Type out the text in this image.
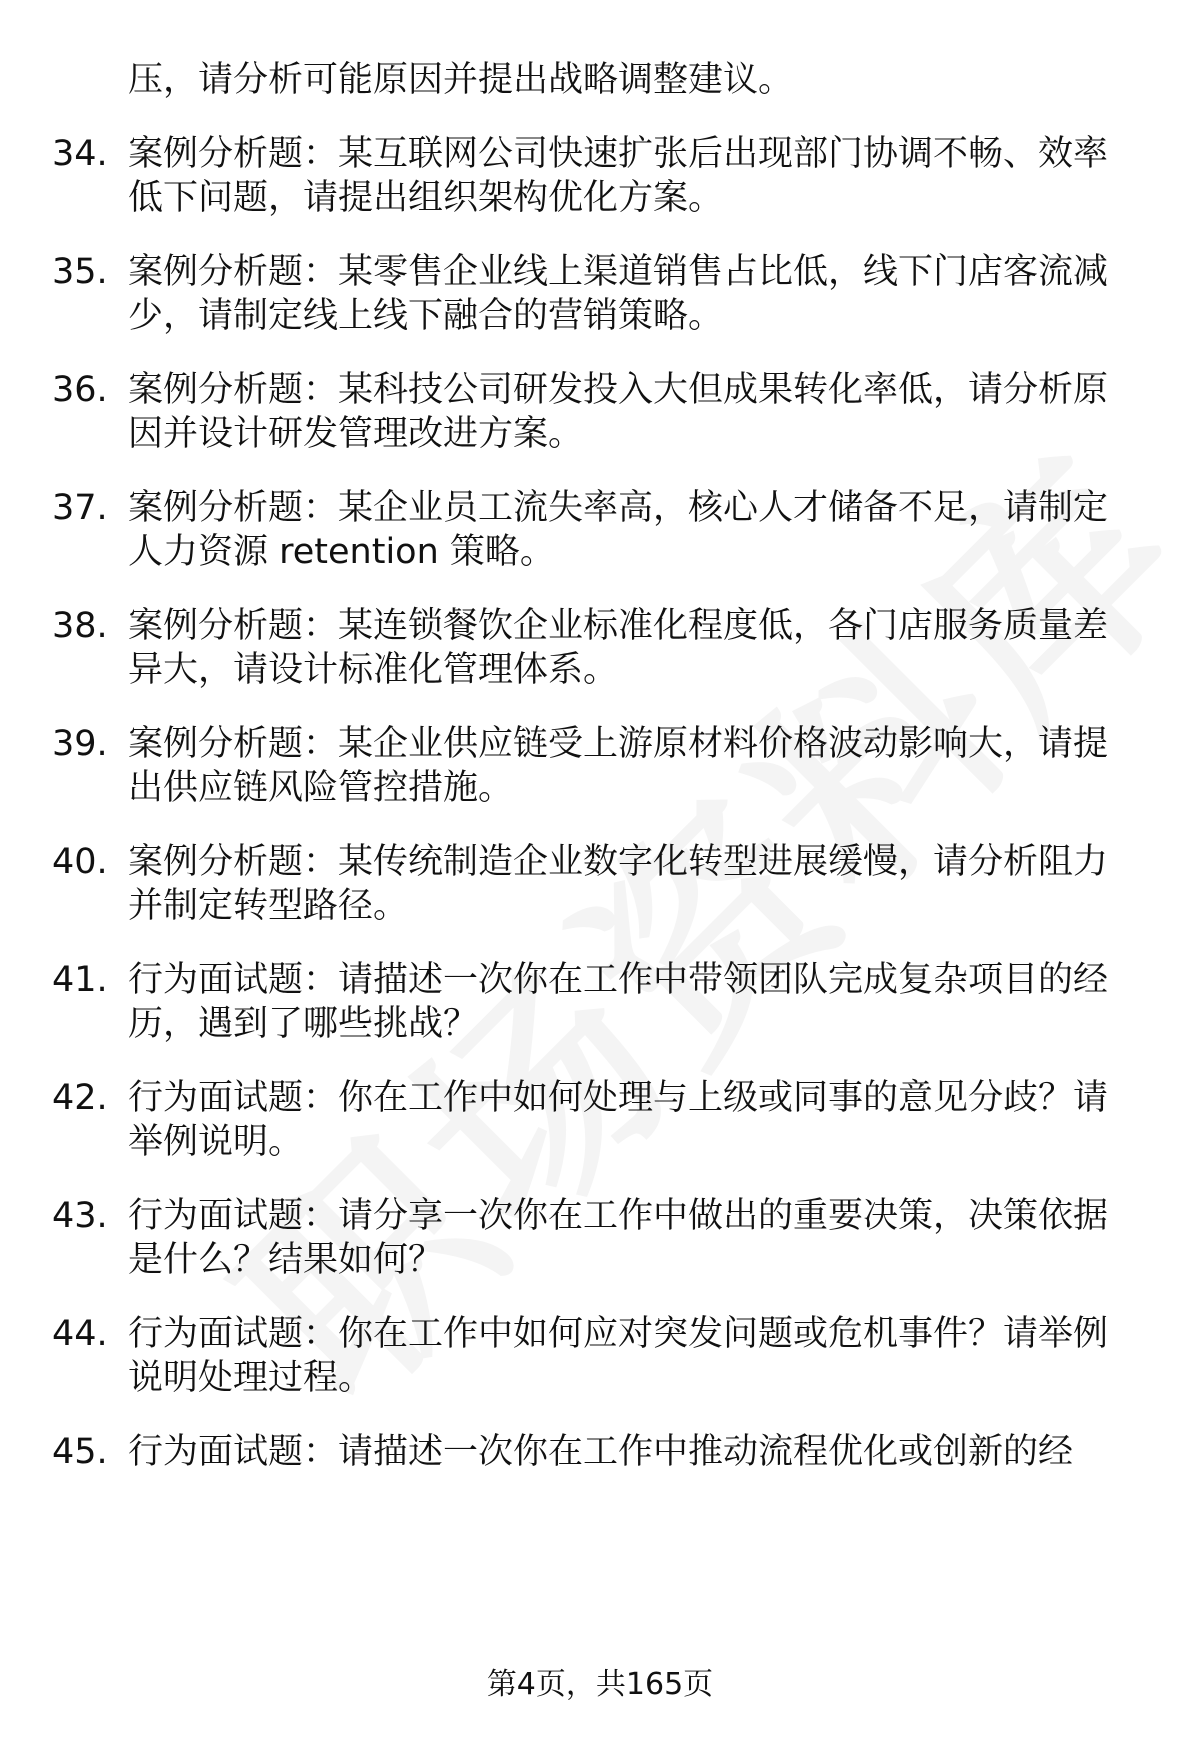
压，请分析可能原因并提出战略调整建议。
34. 案例分析题：某互联网公司快速扩张后出现部门协调不畅、效率
低下问题，请提出组织架构优化方案。
35. 案例分析题：某零售企业线上渠道销售占比低，线下门店客流减
少，请制定线上线下融合的营销策略。
36. 案例分析题：某科技公司研发投入大但成果转化率低，请分析原
因并设计研发管理改进方案。
37. 案例分析题：某企业员工流失率高，核心人才储备不足，请制定
人力资源 retention 策略。
38. 案例分析题：某连锁餐饮企业标准化程度低，各门店服务质量差
异大，请设计标准化管理体系。
39. 案例分析题：某企业供应链受上游原材料价格波动影响大，请提
出供应链风险管控措施。
40. 案例分析题：某传统制造企业数字化转型进展缓慢，请分析阻力
并制定转型路径。
41. 行为面试题：请描述一次你在工作中带领团队完成复杂项目的经
历，遇到了哪些挑战？
42. 行为面试题：你在工作中如何处理与上级或同事的意见分歧？请
举例说明。
43. 行为面试题：请分享一次你在工作中做出的重要决策，决策依据
是什么？结果如何？
44. 行为面试题：你在工作中如何应对突发问题或危机事件？请举例
说明处理过程。
45. 行为面试题：请描述一次你在工作中推动流程优化或创新的经
第4页，共165页
